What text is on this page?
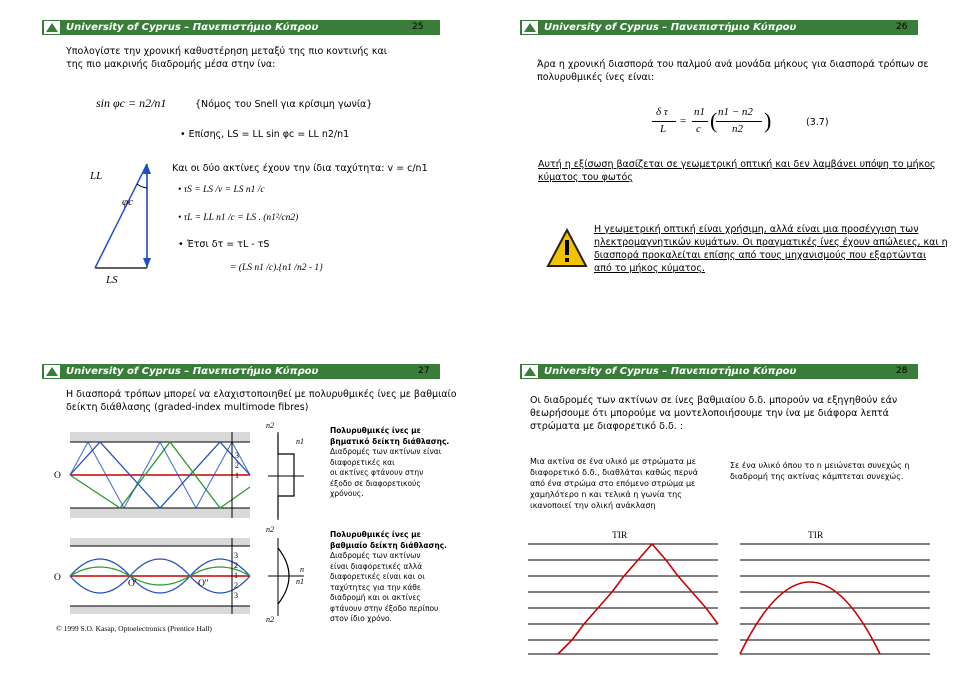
University of Cyprus – Πανεπιστήμιο Κύπρου	25
Υπολογίστε την χρονική καθυστέρηση μεταξύ της πιο κοντινής και
της πιο μακρινής διαδρομής μέσα στην ίνα:
sin φc = n2/n1	{Νόμος του Snell για κρίσιμη γωνία}
• Επίσης, LS = LL sin φc = LL n2/n1
Και οι δύο ακτίνες έχουν την ίδια ταχύτητα: v = c/n1
• τS = LS /v = LS n1 /c
• τL = LL n1 /c = LS . (n1²/cn2)
• Έτσι δτ = τL - τS
= (LS n1 /c).{n1 /n2 - 1}
LL
LS
φc
University of Cyprus – Πανεπιστήμιο Κύπρου	26
Άρα η χρονική διασπορά του παλμού ανά μονάδα μήκους για διασπορά τρόπων σε
πολυρυθμικές ίνες είναι:
δ τ
L
=
n1
c ( n1 − n2
n2 )	(3.7)
Αυτή η εξίσωση βασίζεται σε γεωμετρική οπτική και δεν λαμβάνει υπόψη το μήκος
κύματος του φωτός
Η γεωμετρική οπτική είναι χρήσιμη, αλλά είναι μια προσέγγιση των
ηλεκτρομαγνητικών κυμάτων. Οι πραγματικές ίνες έχουν απώλειες, και η
διασπορά προκαλείται επίσης από τους μηχανισμούς που εξαρτώνται
από το μήκος κύματος.
University of Cyprus – Πανεπιστήμιο Κύπρου	27
Η διασπορά τρόπων μπορεί να ελαχιστοποιηθεί με πολυρυθμικές ίνες με βαθμιαίο
δείκτη διάθλασης (graded-index multimode fibres)
O
3
2
1
n2
n1
Πολυρυθμικές ίνες με
βηματικό δείκτη διάθλασης.
Διαδρομές των ακτίνων είναι
διαφορετικές και
οι ακτίνες φτάνουν στην
έξοδο σε διαφορετικούς
χρόνους.
O
O'	O''
3
2
1
2
3
n2
n
n1
n2
Πολυρυθμικές ίνες με
βαθμιαίο δείκτη διάθλασης.
Διαδρομές των ακτίνων
είναι διαφορετικές αλλά
διαφορετικές είναι και οι
ταχύτητες για την κάθε
διαδρομή και οι ακτίνες
φτάνουν στην έξοδο περίπου
στον ίδιο χρόνο.
© 1999 S.O. Kasap, Optoelectronics (Prentice Hall)
University of Cyprus – Πανεπιστήμιο Κύπρου	28
Οι διαδρομές των ακτίνων σε ίνες βαθμιαίου δ.δ. μπορούν να εξηγηθούν εάν
θεωρήσουμε ότι μπορούμε να μοντελοποιήσουμε την ίνα με διάφορα λεπτά
στρώματα με διαφορετικό δ.δ. :
Μια ακτίνα σε ένα υλικό με στρώματα με
διαφορετικό δ.δ., διαθλάται καθώς περνά
από ένα στρώμα στο επόμενο στρώμα με
χαμηλότερο n και τελικά η γωνία της
ικανοποιεί την ολική ανάκλαση
Σε ένα υλικό όπου το n μειώνεται συνεχώς η
διαδρομή της ακτίνας κάμπτεται συνεχώς.
TIR	TIR
